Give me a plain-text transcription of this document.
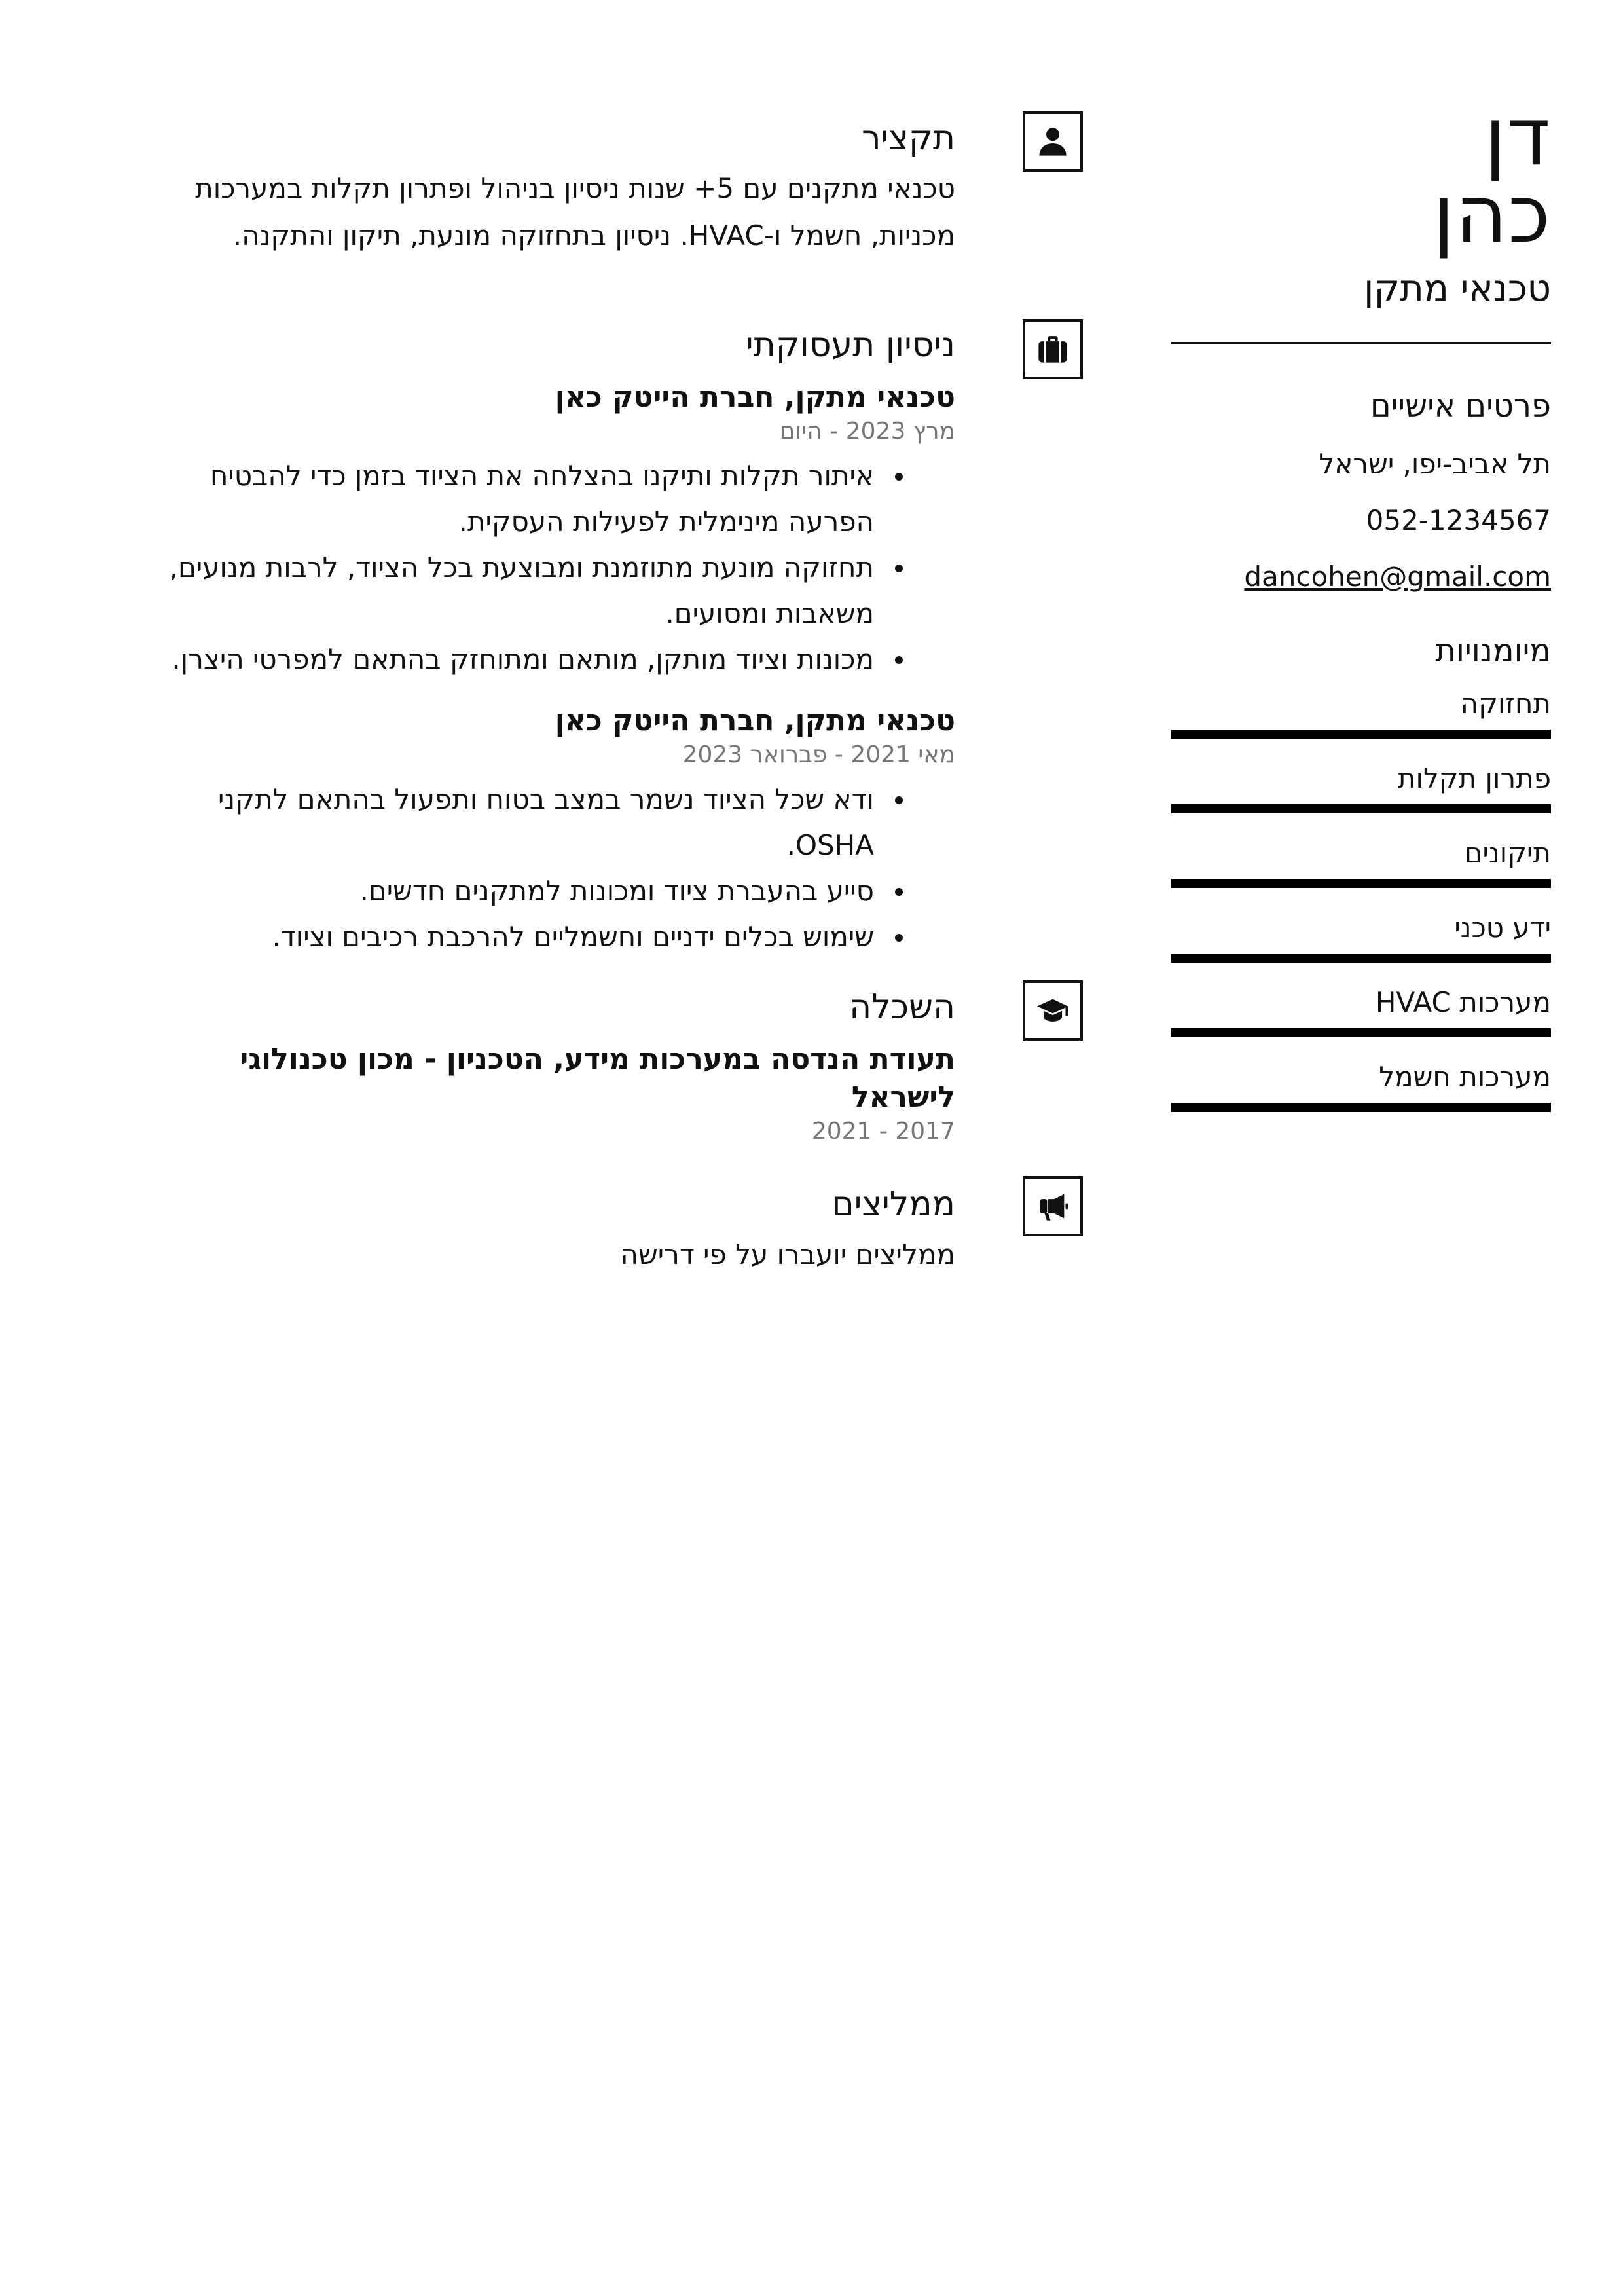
דן
כהן
טכנאי מתקן
פרטים אישיים
תל אביב-יפו, ישראל
052-1234567
dancohen@gmail.com
מיומנויות
תחזוקה
פתרון תקלות
תיקונים
ידע טכני
מערכות HVAC
מערכות חשמל
תקציר
טכנאי מתקנים עם 5+ שנות ניסיון בניהול ופתרון תקלות במערכות מכניות, חשמל ו-HVAC. ניסיון בתחזוקה מונעת, תיקון והתקנה.
ניסיון תעסוקתי
טכנאי מתקן, חברת הייטק כאן
מרץ 2023 - היום
איתור תקלות ותיקנו בהצלחה את הציוד בזמן כדי להבטיח הפרעה מינימלית לפעילות העסקית.
תחזוקה מונעת מתוזמנת ומבוצעת בכל הציוד, לרבות מנועים, משאבות ומסועים.
מכונות וציוד מותקן, מותאם ומתוחזק בהתאם למפרטי היצרן.
טכנאי מתקן, חברת הייטק כאן
מאי 2021 - פברואר 2023
ודא שכל הציוד נשמר במצב בטוח ותפעול בהתאם לתקני OSHA.
סייע בהעברת ציוד ומכונות למתקנים חדשים.
שימוש בכלים ידניים וחשמליים להרכבת רכיבים וציוד.
השכלה
תעודת הנדסה במערכות מידע, הטכניון - מכון טכנולוגי לישראל
2017 - 2021
ממליצים
ממליצים יועברו על פי דרישה
